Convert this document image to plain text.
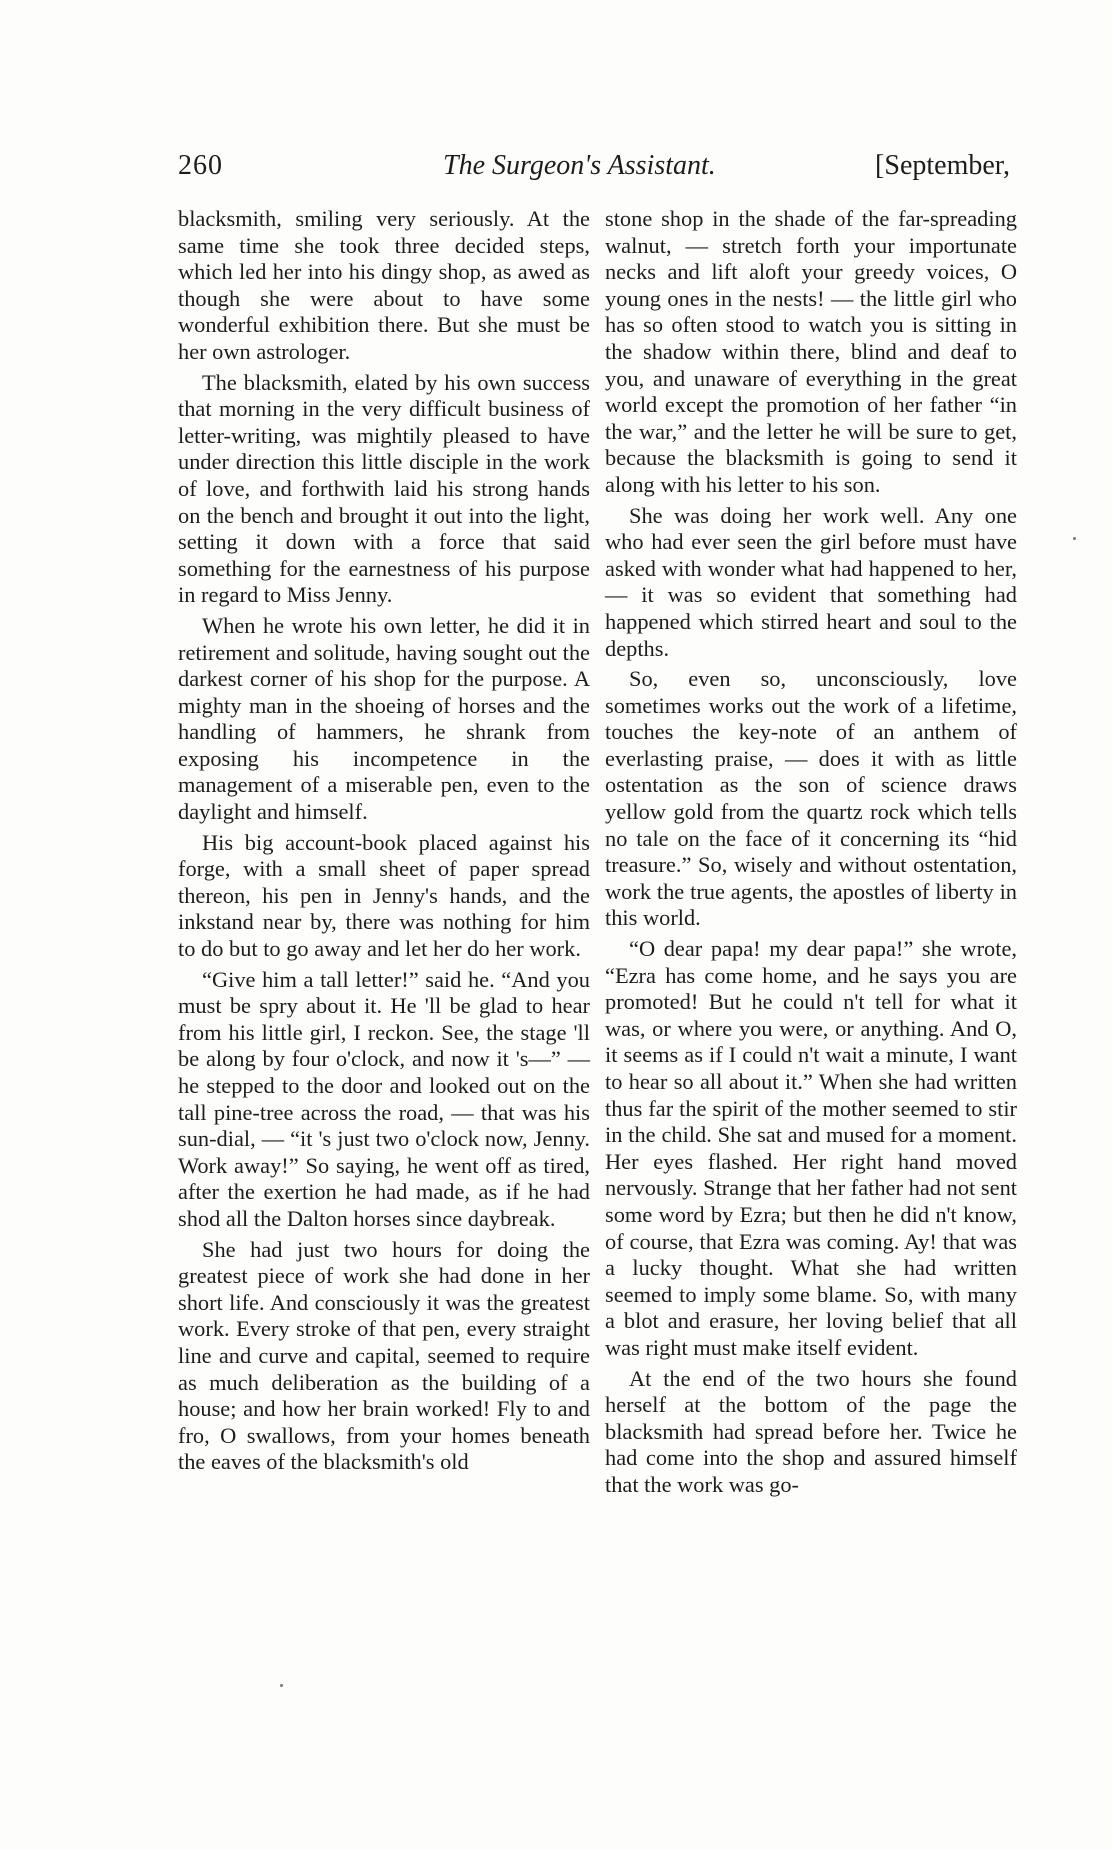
260	The Surgeon's Assistant.	[September,

blacksmith, smiling very seriously. At the same time she took three decided steps, which led her into his dingy shop, as awed as though she were about to have some wonderful exhibition there. But she must be her own astrologer.

The blacksmith, elated by his own success that morning in the very difficult business of letter-writing, was mightily pleased to have under direction this little disciple in the work of love, and forthwith laid his strong hands on the bench and brought it out into the light, setting it down with a force that said something for the earnestness of his purpose in regard to Miss Jenny.

When he wrote his own letter, he did it in retirement and solitude, having sought out the darkest corner of his shop for the purpose. A mighty man in the shoeing of horses and the handling of hammers, he shrank from exposing his incompetence in the management of a miserable pen, even to the daylight and himself.

His big account-book placed against his forge, with a small sheet of paper spread thereon, his pen in Jenny's hands, and the inkstand near by, there was nothing for him to do but to go away and let her do her work.

“Give him a tall letter!” said he. “And you must be spry about it. He 'll be glad to hear from his little girl, I reckon. See, the stage 'll be along by four o'clock, and now it 's—” — he stepped to the door and looked out on the tall pine-tree across the road, — that was his sun-dial, — “it 's just two o'clock now, Jenny. Work away!” So saying, he went off as tired, after the exertion he had made, as if he had shod all the Dalton horses since daybreak.

She had just two hours for doing the greatest piece of work she had done in her short life. And consciously it was the greatest work. Every stroke of that pen, every straight line and curve and capital, seemed to require as much deliberation as the building of a house; and how her brain worked! Fly to and fro, O swallows, from your homes beneath the eaves of the blacksmith's old

stone shop in the shade of the far-spreading walnut, — stretch forth your importunate necks and lift aloft your greedy voices, O young ones in the nests! — the little girl who has so often stood to watch you is sitting in the shadow within there, blind and deaf to you, and unaware of everything in the great world except the promotion of her father “in the war,” and the letter he will be sure to get, because the blacksmith is going to send it along with his letter to his son.

She was doing her work well. Any one who had ever seen the girl before must have asked with wonder what had happened to her, — it was so evident that something had happened which stirred heart and soul to the depths.

So, even so, unconsciously, love sometimes works out the work of a lifetime, touches the key-note of an anthem of everlasting praise, — does it with as little ostentation as the son of science draws yellow gold from the quartz rock which tells no tale on the face of it concerning its “hid treasure.” So, wisely and without ostentation, work the true agents, the apostles of liberty in this world.

“O dear papa! my dear papa!” she wrote, “Ezra has come home, and he says you are promoted! But he could n't tell for what it was, or where you were, or anything. And O, it seems as if I could n't wait a minute, I want to hear so all about it.” When she had written thus far the spirit of the mother seemed to stir in the child. She sat and mused for a moment. Her eyes flashed. Her right hand moved nervously. Strange that her father had not sent some word by Ezra; but then he did n't know, of course, that Ezra was coming. Ay! that was a lucky thought. What she had written seemed to imply some blame. So, with many a blot and erasure, her loving belief that all was right must make itself evident.

At the end of the two hours she found herself at the bottom of the page the blacksmith had spread before her. Twice he had come into the shop and assured himself that the work was go-
